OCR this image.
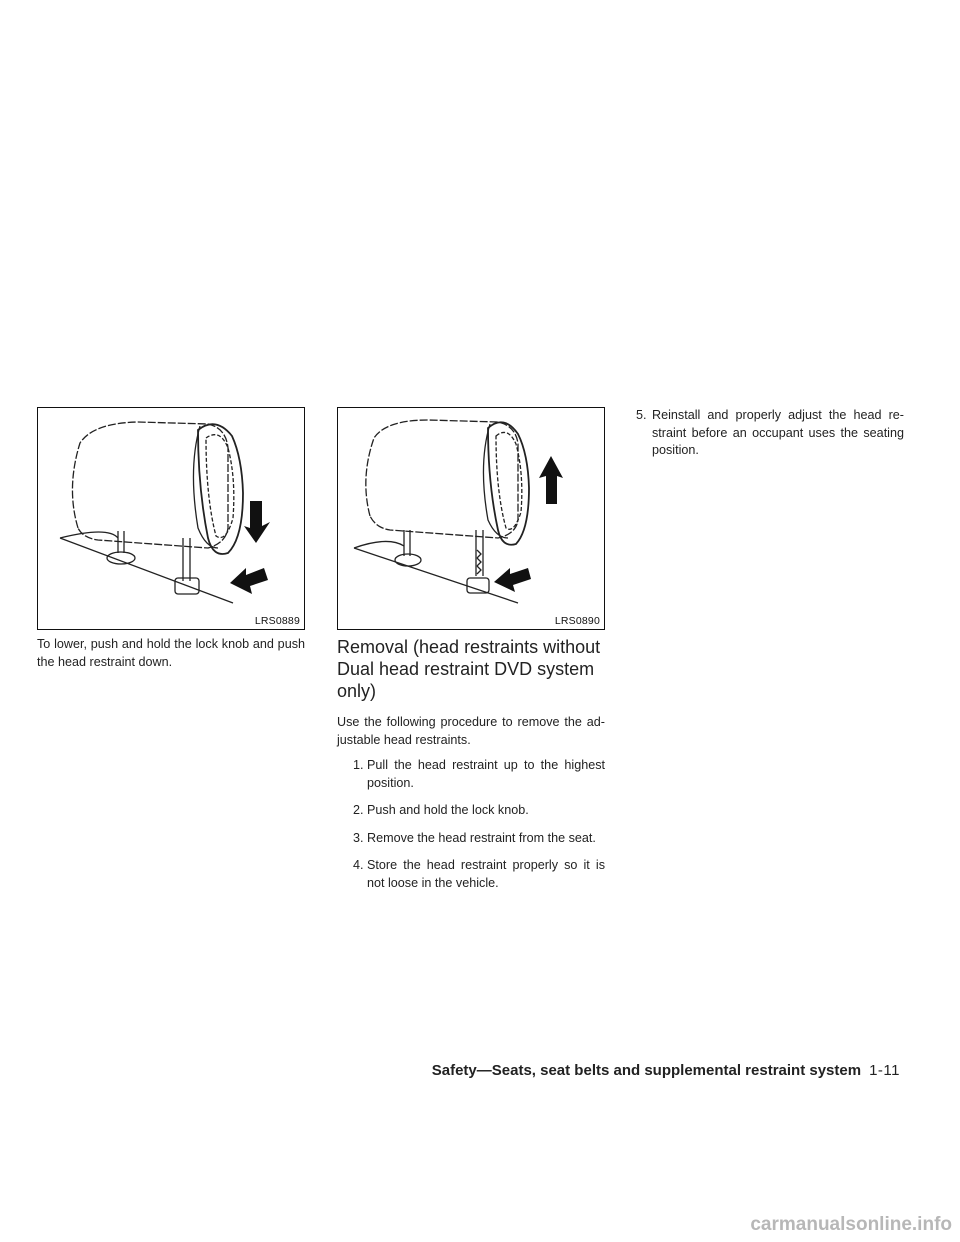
LRS0889	LRS0890

To lower, push and hold the lock knob and push the head restraint down.

Removal (head restraints without Dual head restraint DVD system only)

Use the following procedure to remove the ad- justable head restraints.

1. Pull the head restraint up to the highest position.
2. Push and hold the lock knob.
3. Remove the head restraint from the seat.
4. Store the head restraint properly so it is not loose in the vehicle.
5. Reinstall and properly adjust the head re- straint before an occupant uses the seating position.
Safety—Seats, seat belts and supplemental restraint system 1-11
carmanualsonline.info
